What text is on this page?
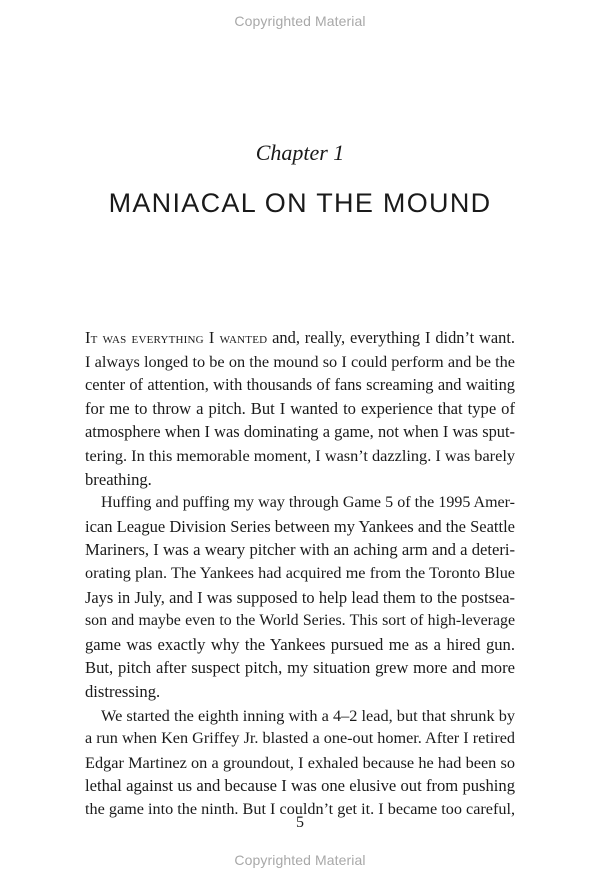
Copyrighted Material
Chapter 1
MANIACAL ON THE MOUND

It was everything I wanted and, really, everything I didn’t want.
I always longed to be on the mound so I could perform and be the
center of attention, with thousands of fans screaming and waiting
for me to throw a pitch. But I wanted to experience that type of
atmosphere when I was dominating a game, not when I was sput-
tering. In this memorable moment, I wasn’t dazzling. I was barely
breathing.

Huffing and puffing my way through Game 5 of the 1995 Amer-
ican League Division Series between my Yankees and the Seattle
Mariners, I was a weary pitcher with an aching arm and a deteri-
orating plan. The Yankees had acquired me from the Toronto Blue
Jays in July, and I was supposed to help lead them to the postsea-
son and maybe even to the World Series. This sort of high-leverage
game was exactly why the Yankees pursued me as a hired gun.
But, pitch after suspect pitch, my situation grew more and more
distressing.

We started the eighth inning with a 4–2 lead, but that shrunk by
a run when Ken Griffey Jr. blasted a one-out homer. After I retired
Edgar Martinez on a groundout, I exhaled because he had been so
lethal against us and because I was one elusive out from pushing
the game into the ninth. But I couldn’t get it. I became too careful,

5
Copyrighted Material
